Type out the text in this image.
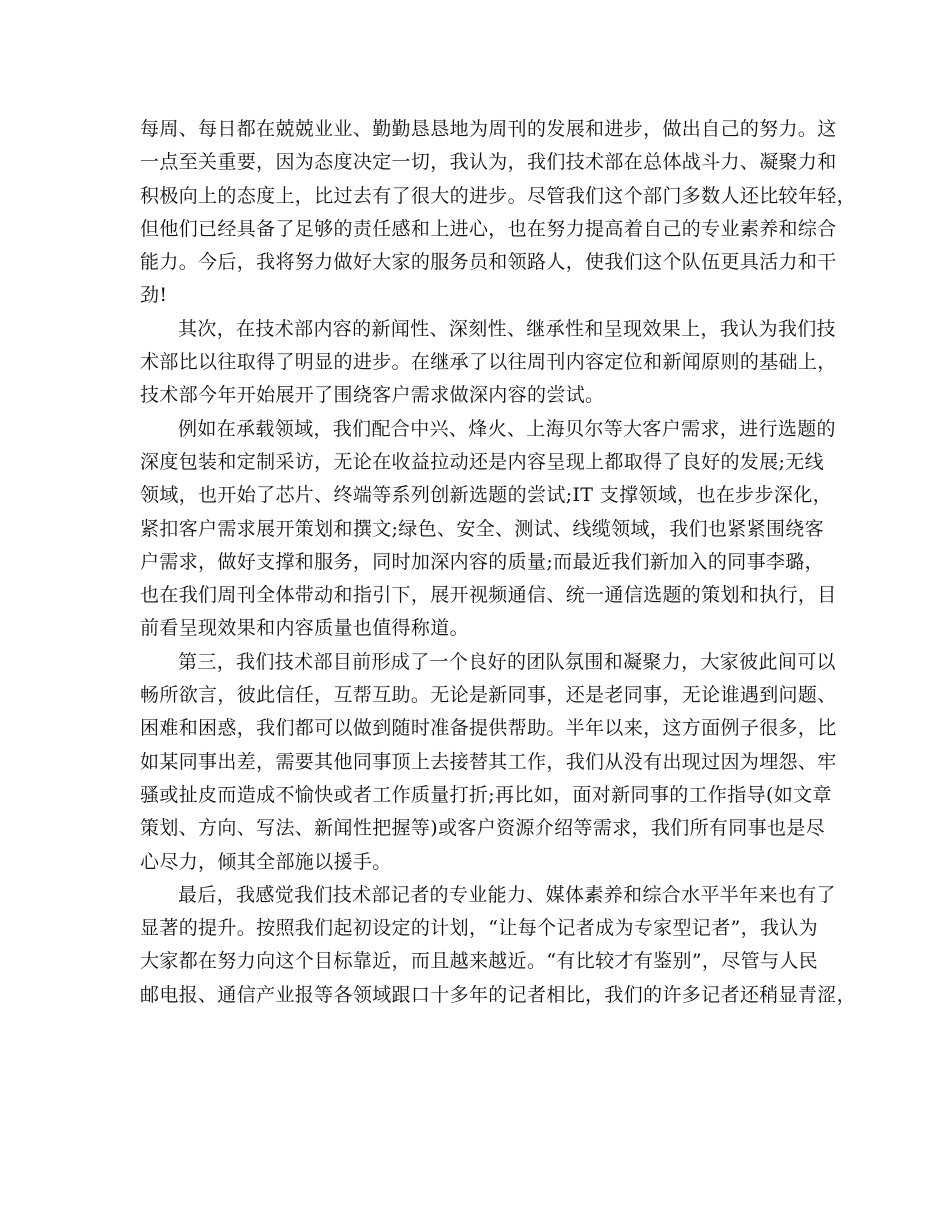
每周、每日都在兢兢业业、勤勤恳恳地为周刊的发展和进步，做出自己的努力。这
一点至关重要，因为态度决定一切，我认为，我们技术部在总体战斗力、凝聚力和
积极向上的态度上，比过去有了很大的进步。尽管我们这个部门多数人还比较年轻，
但他们已经具备了足够的责任感和上进心，也在努力提高着自己的专业素养和综合
能力。今后，我将努力做好大家的服务员和领路人，使我们这个队伍更具活力和干
劲!
其次，在技术部内容的新闻性、深刻性、继承性和呈现效果上，我认为我们技
术部比以往取得了明显的进步。在继承了以往周刊内容定位和新闻原则的基础上，
技术部今年开始展开了围绕客户需求做深内容的尝试。
例如在承载领域，我们配合中兴、烽火、上海贝尔等大客户需求，进行选题的
深度包装和定制采访，无论在收益拉动还是内容呈现上都取得了良好的发展;无线
领域，也开始了芯片、终端等系列创新选题的尝试;IT 支撑领域，也在步步深化，
紧扣客户需求展开策划和撰文;绿色、安全、测试、线缆领域，我们也紧紧围绕客
户需求，做好支撑和服务，同时加深内容的质量;而最近我们新加入的同事李璐，
也在我们周刊全体带动和指引下，展开视频通信、统一通信选题的策划和执行，目
前看呈现效果和内容质量也值得称道。
第三，我们技术部目前形成了一个良好的团队氛围和凝聚力，大家彼此间可以
畅所欲言，彼此信任，互帮互助。无论是新同事，还是老同事，无论谁遇到问题、
困难和困惑，我们都可以做到随时准备提供帮助。半年以来，这方面例子很多，比
如某同事出差，需要其他同事顶上去接替其工作，我们从没有出现过因为埋怨、牢
骚或扯皮而造成不愉快或者工作质量打折;再比如，面对新同事的工作指导(如文章
策划、方向、写法、新闻性把握等)或客户资源介绍等需求，我们所有同事也是尽
心尽力，倾其全部施以援手。
最后，我感觉我们技术部记者的专业能力、媒体素养和综合水平半年来也有了
显著的提升。按照我们起初设定的计划，“让每个记者成为专家型记者”，我认为
大家都在努力向这个目标靠近，而且越来越近。“有比较才有鉴别”，尽管与人民
邮电报、通信产业报等各领域跟口十多年的记者相比，我们的许多记者还稍显青涩，
